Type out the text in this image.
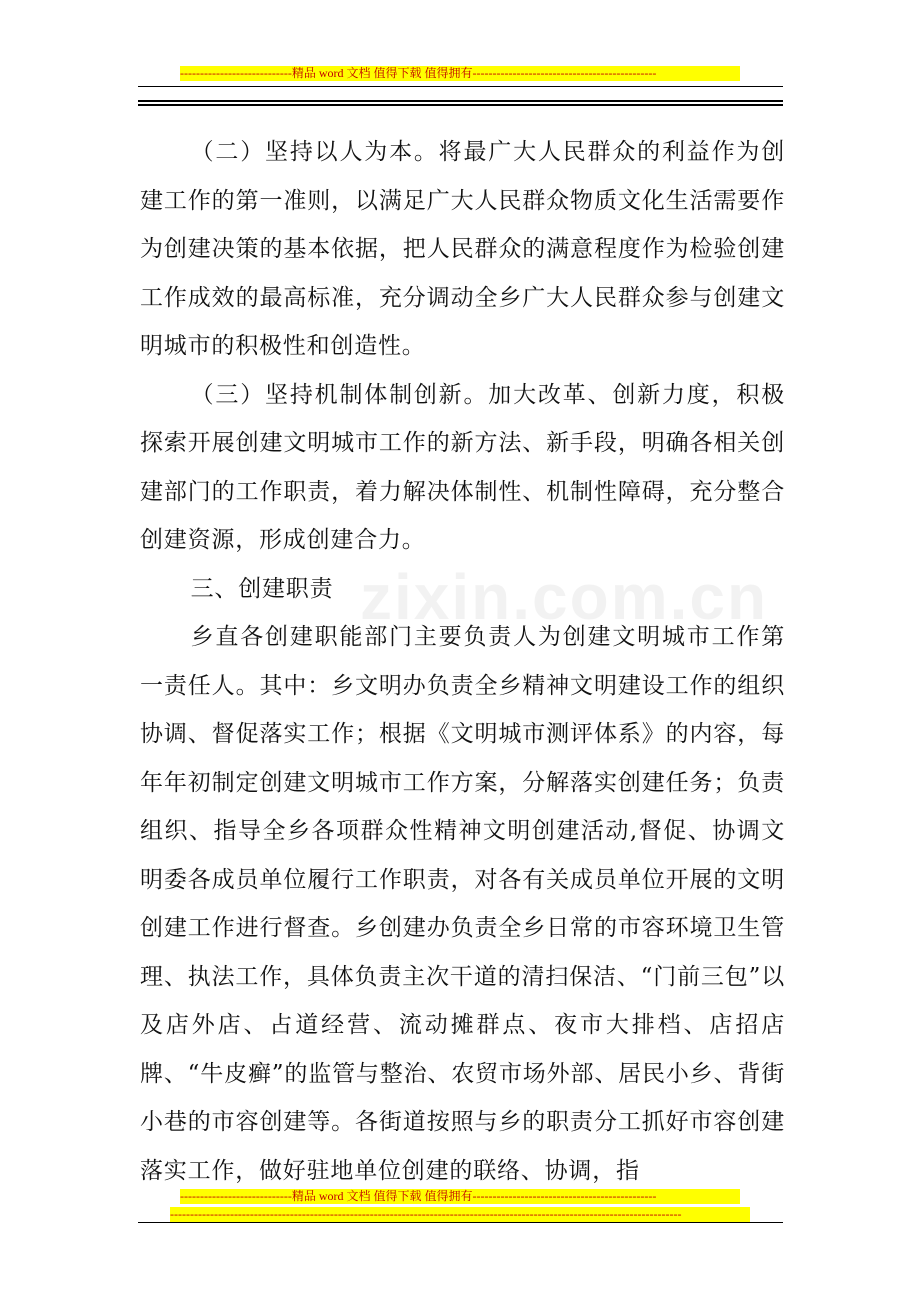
----------------------------精品 word 文档 值得下载 值得拥有----------------------------------------------
zixin.com.cn

（二）坚持以人为本。将最广大人民群众的利益作为创建工作的第一准则，以满足广大人民群众物质文化生活需要作为创建决策的基本依据，把人民群众的满意程度作为检验创建工作成效的最高标准，充分调动全乡广大人民群众参与创建文明城市的积极性和创造性。

（三）坚持机制体制创新。加大改革、创新力度，积极探索开展创建文明城市工作的新方法、新手段，明确各相关创建部门的工作职责，着力解决体制性、机制性障碍，充分整合创建资源，形成创建合力。

三、创建职责

乡直各创建职能部门主要负责人为创建文明城市工作第一责任人。其中：乡文明办负责全乡精神文明建设工作的组织协调、督促落实工作；根据《文明城市测评体系》的内容，每年年初制定创建文明城市工作方案，分解落实创建任务；负责组织、指导全乡各项群众性精神文明创建活动,督促、协调文明委各成员单位履行工作职责，对各有关成员单位开展的文明创建工作进行督查。乡创建办负责全乡日常的市容环境卫生管理、执法工作，具体负责主次干道的清扫保洁、“门前三包”以及店外店、占道经营、流动摊群点、夜市大排档、店招店牌、“牛皮癣”的监管与整治、农贸市场外部、居民小乡、背街小巷的市容创建等。各街道按照与乡的职责分工抓好市容创建落实工作，做好驻地单位创建的联络、协调，指

----------------------------精品 word 文档 值得下载 值得拥有----------------------------------------------
--------------------------------------------------------------------------------------------------------------------------------
